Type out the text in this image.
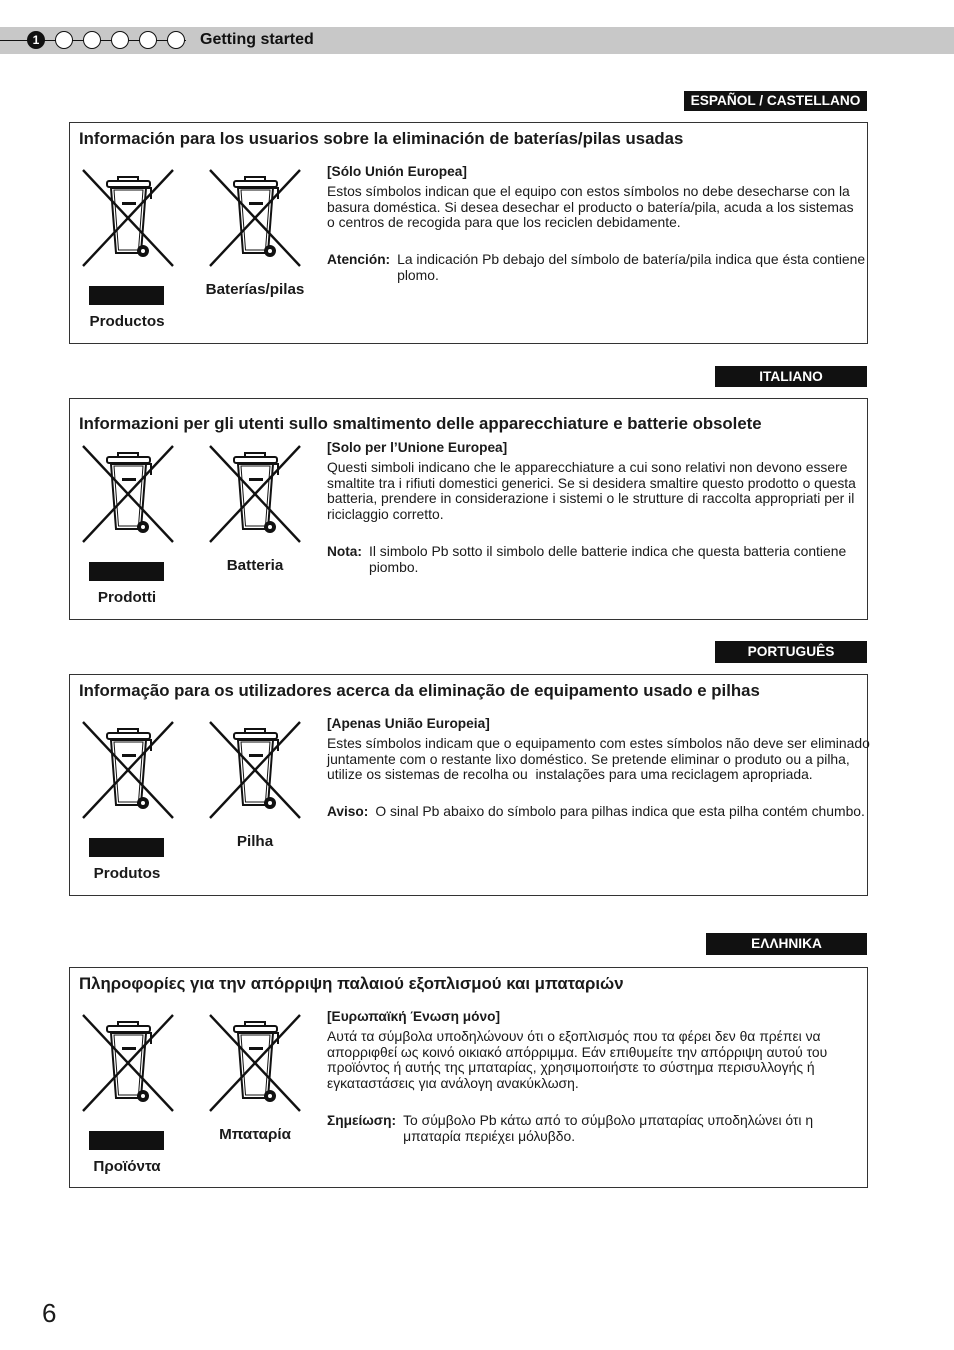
1	Getting started
ESPAÑOL / CASTELLANO
Información para los usuarios sobre la eliminación de baterías/pilas usadas
Productos
Baterías/pilas
[Sólo Unión Europea]
Estos símbolos indican que el equipo con estos símbolos no debe desecharse con la
basura doméstica. Si desea desechar el producto o batería/pila, acuda a los sistemas
o centros de recogida para que los reciclen debidamente.
Atención: La indicación Pb debajo del símbolo de batería/pila indica que ésta contiene
plomo.
ITALIANO
Informazioni per gli utenti sullo smaltimento delle apparecchiature e batterie obsolete
Prodotti
Batteria
[Solo per l’Unione Europea]
Questi simboli indicano che le apparecchiature a cui sono relativi non devono essere
smaltite tra i rifiuti domestici generici. Se si desidera smaltire questo prodotto o questa
batteria, prendere in considerazione i sistemi o le strutture di raccolta appropriati per il
riciclaggio corretto.
Nota: Il simbolo Pb sotto il simbolo delle batterie indica che questa batteria contiene
piombo.
PORTUGUÊS
Informação para os utilizadores acerca da eliminação de equipamento usado e pilhas
Produtos
Pilha
[Apenas União Europeia]
Estes símbolos indicam que o equipamento com estes símbolos não deve ser eliminado
juntamente com o restante lixo doméstico. Se pretende eliminar o produto ou a pilha,
utilize os sistemas de recolha ou  instalações para uma reciclagem apropriada.
Aviso: O sinal Pb abaixo do símbolo para pilhas indica que esta pilha contém chumbo.
ΕΛΛΗΝΙΚΑ
Πληροφορίες για την απόρριψη παλαιού εξοπλισμού και μπαταριών
Προϊόντα
Μπαταρία
[Ευρωπαϊκή Ένωση μόνο]
Αυτά τα σύμβολα υποδηλώνουν ότι ο εξοπλισμός που τα φέρει δεν θα πρέπει να
απορριφθεί ως κοινό οικιακό απόρριμμα. Εάν επιθυμείτε την απόρριψη αυτού του
προϊόντος ή αυτής της μπαταρίας, χρησιμοποιήστε το σύστημα περισυλλογής ή
εγκαταστάσεις για ανάλογη ανακύκλωση.
Σημείωση: Το σύμβολο Pb κάτω από το σύμβολο μπαταρίας υποδηλώνει ότι η
μπαταρία περιέχει μόλυβδο.
6
